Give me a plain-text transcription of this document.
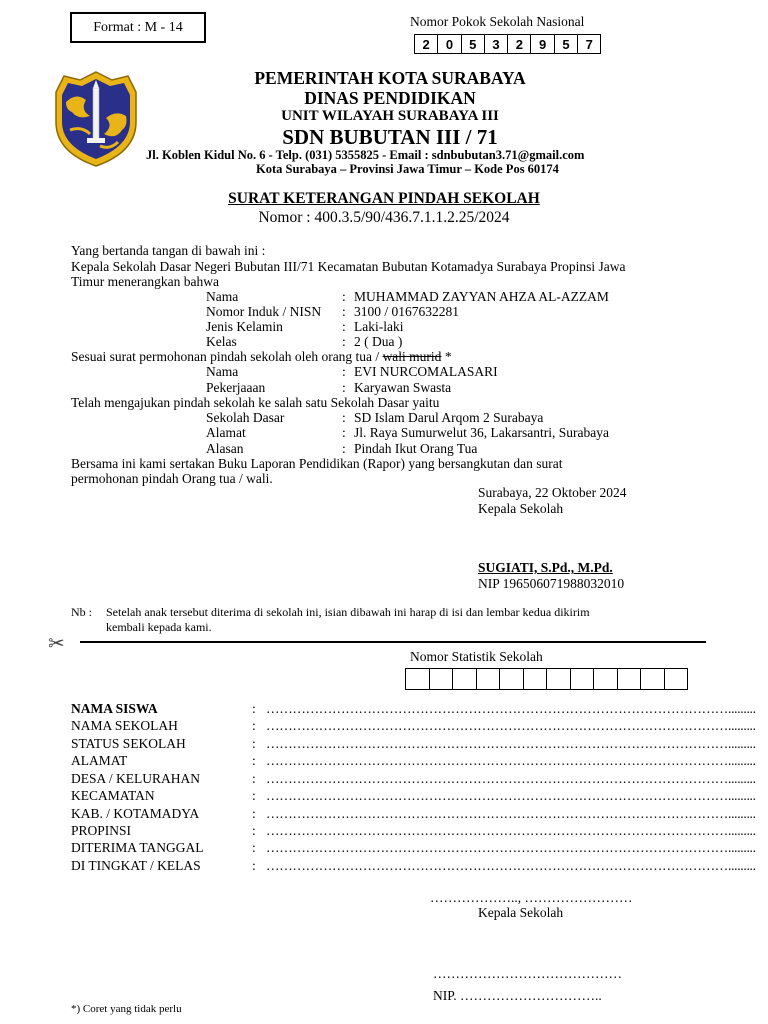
Format : M - 14	Nomor Pokok Sekolah Nasional
2	0	5	3	2	9	5	7
PEMERINTAH KOTA SURABAYA
DINAS PENDIDIKAN
UNIT WILAYAH SURABAYA III
SDN BUBUTAN III / 71
Jl. Koblen Kidul No. 6 - Telp. (031) 5355825 - Email : sdnbubutan3.71@gmail.com
Kota Surabaya – Provinsi Jawa Timur – Kode Pos 60174
SURAT KETERANGAN PINDAH SEKOLAH
Nomor : 400.3.5/90/436.7.1.1.2.25/2024
Yang bertanda tangan di bawah ini :
Kepala Sekolah Dasar Negeri Bubutan III/71 Kecamatan Bubutan Kotamadya Surabaya Propinsi Jawa
Timur menerangkan bahwa
Nama	: MUHAMMAD ZAYYAN AHZA AL-AZZAM
Nomor Induk / NISN : 3100 / 0167632281
Jenis Kelamin	: Laki-laki
Kelas	: 2 ( Dua )
Sesuai surat permohonan pindah sekolah oleh orang tua / wali murid *
Nama	: EVI NURCOMALASARI
Pekerjaaan	: Karyawan Swasta
Telah mengajukan pindah sekolah ke salah satu Sekolah Dasar yaitu
Sekolah Dasar	: SD Islam Darul Arqom 2 Surabaya
Alamat	: Jl. Raya Sumurwelut 36, Lakarsantri, Surabaya
Alasan	: Pindah Ikut Orang Tua
Bersama ini kami sertakan Buku Laporan Pendidikan (Rapor) yang bersangkutan dan surat
permohonan pindah Orang tua / wali.
Surabaya, 22 Oktober 2024
Kepala Sekolah
SUGIATI, S.Pd., M.Pd.
NIP 196506071988032010
Nb : Setelah anak tersebut diterima di sekolah ini, isian dibawah ini harap di isi dan lembar kedua dikirim
kembali kepada kami.
✂
Nomor Statistik Sekolah
NAMA SISWA	: …………………………………………………………………………………………….........
NAMA SEKOLAH	: …………………………………………………………………………………………….........
STATUS SEKOLAH	: …………………………………………………………………………………………….........
ALAMAT	: …………………………………………………………………………………………….........
DESA / KELURAHAN	: …………………………………………………………………………………………….........
KECAMATAN	: …………………………………………………………………………………………….........
KAB. / KOTAMADYA	: …………………………………………………………………………………………….........
PROPINSI	: …………………………………………………………………………………………….........
DITERIMA TANGGAL	: …………………………………………………………………………………………….........
DI TINGKAT / KELAS	: …………………………………………………………………………………………….........
……………….., ……………………
Kepala Sekolah
……………………………………
NIP. …………………………..
*) Coret yang tidak perlu
